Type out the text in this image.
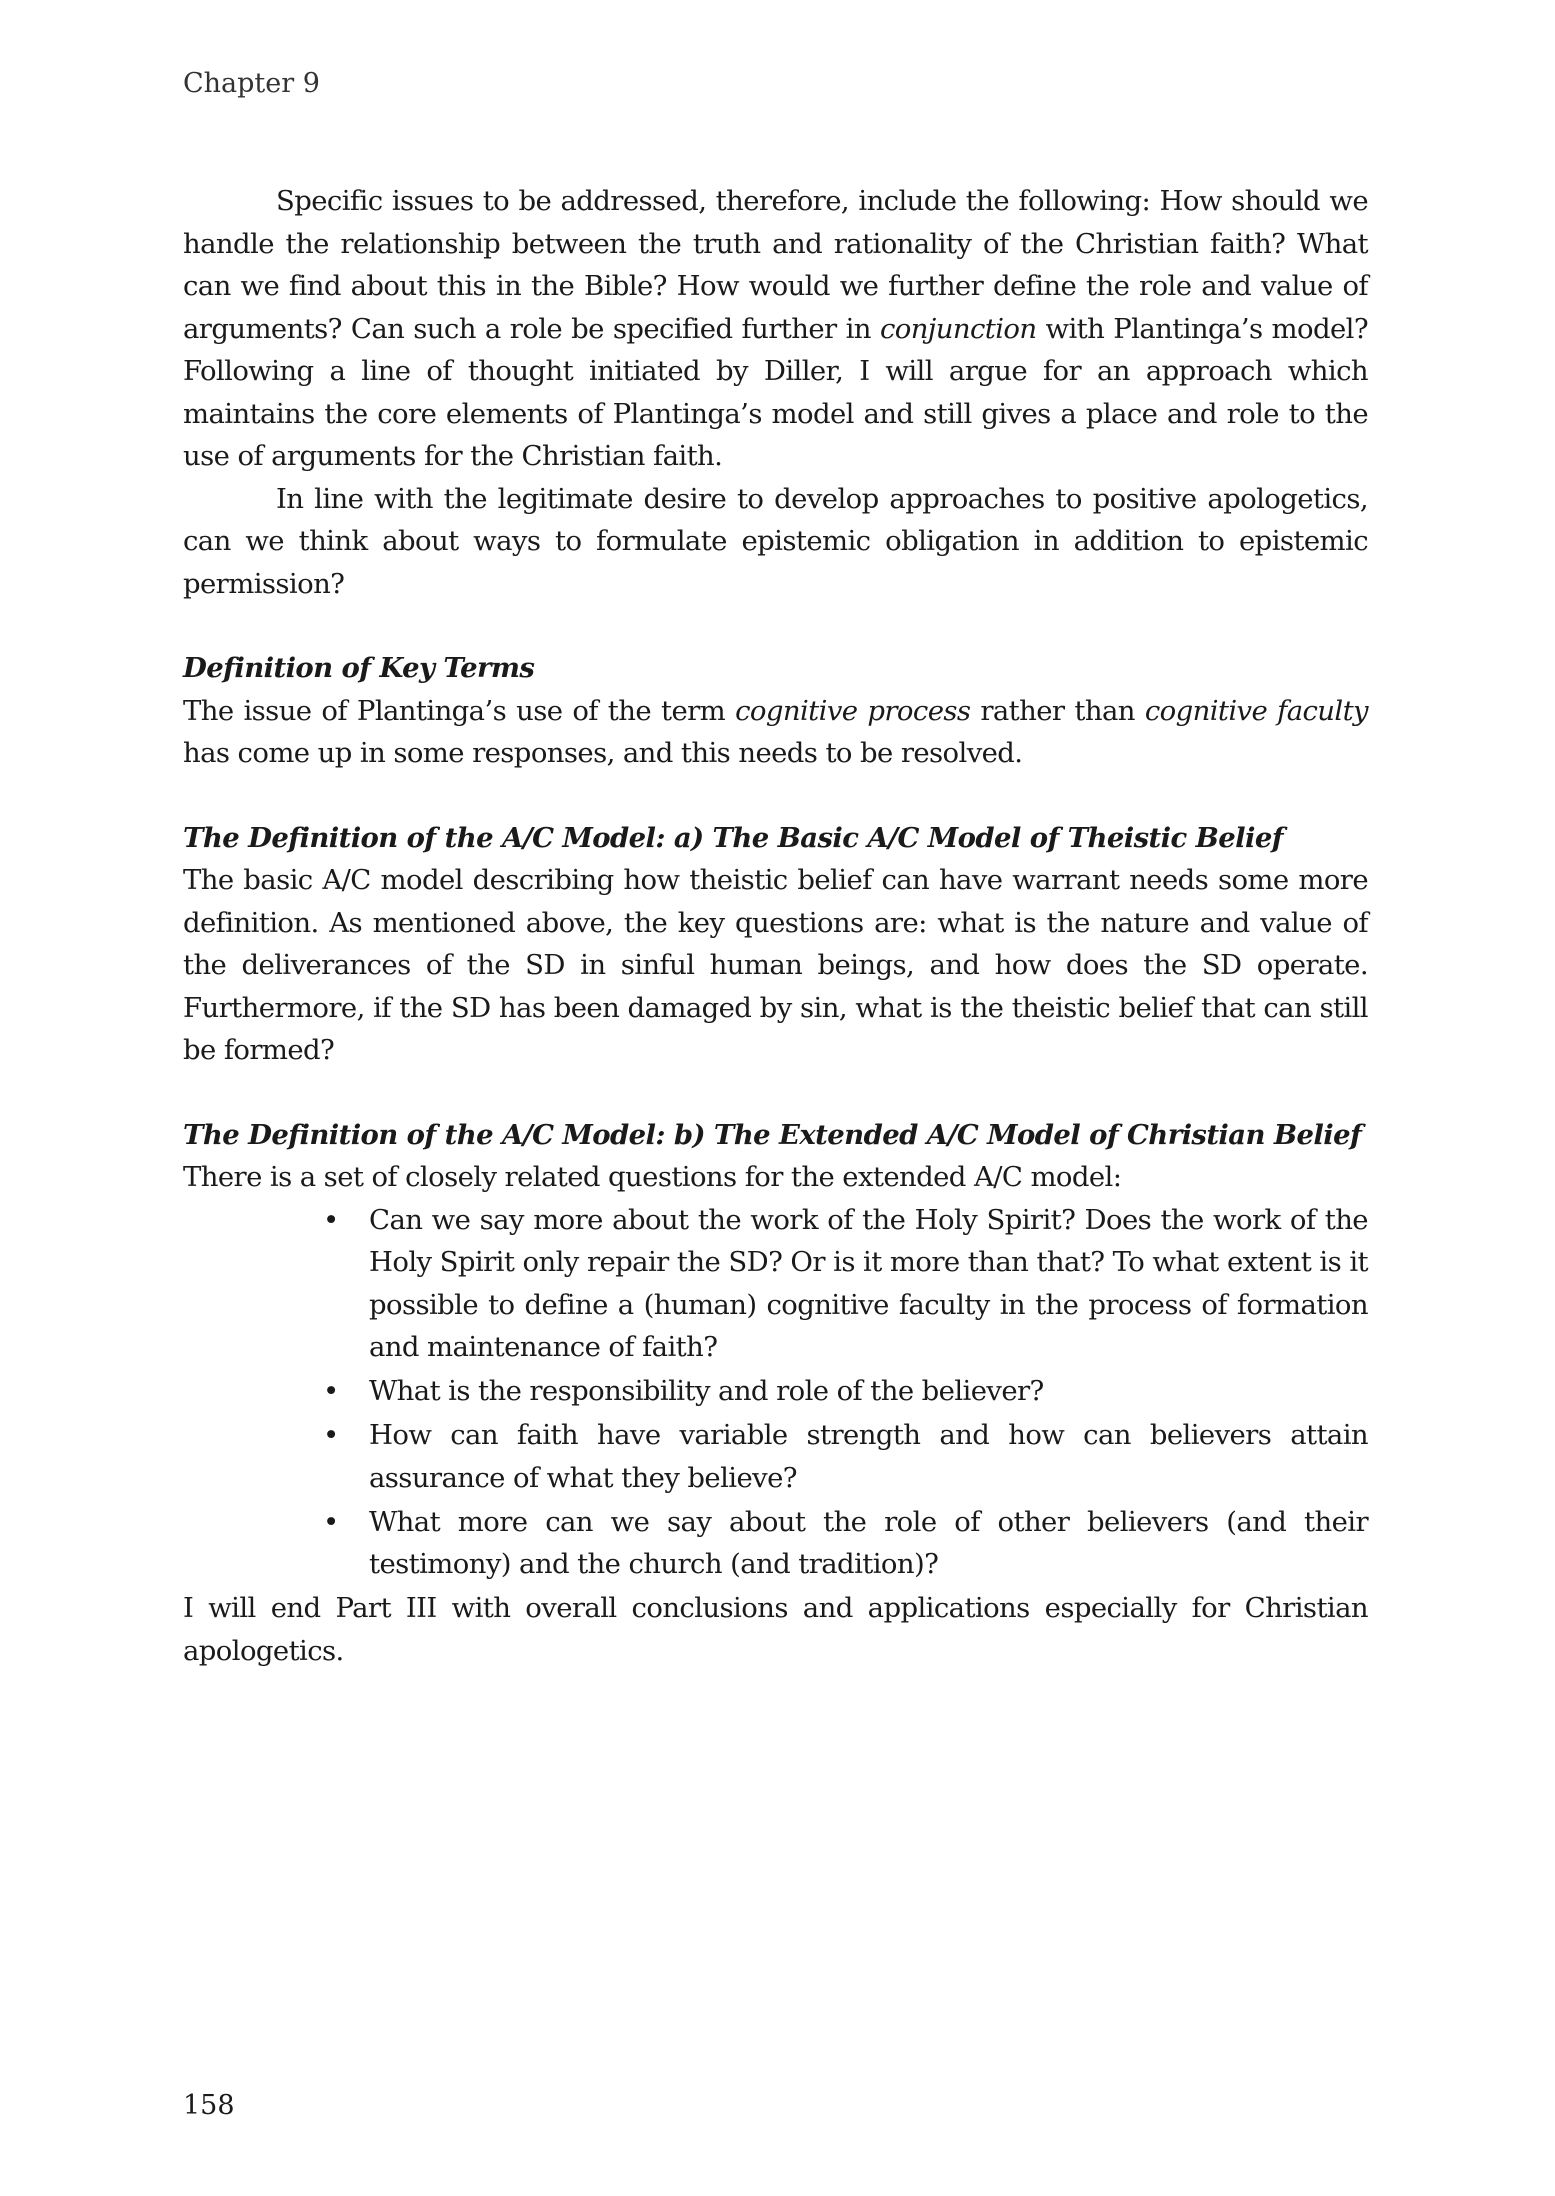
Chapter 9

Specific issues to be addressed, therefore, include the following: How should we handle the relationship between the truth and rationality of the Christian faith? What can we find about this in the Bible? How would we further define the role and value of arguments? Can such a role be specified further in conjunction with Plantinga’s model? Following a line of thought initiated by Diller, I will argue for an approach which maintains the core elements of Plantinga’s model and still gives a place and role to the use of arguments for the Christian faith.

In line with the legitimate desire to develop approaches to positive apologetics, can we think about ways to formulate epistemic obligation in addition to epistemic permission?

Definition of Key Terms

The issue of Plantinga’s use of the term cognitive process rather than cognitive faculty has come up in some responses, and this needs to be resolved.

The Definition of the A/C Model: a) The Basic A/C Model of Theistic Belief

The basic A/C model describing how theistic belief can have warrant needs some more definition. As mentioned above, the key questions are: what is the nature and value of the deliverances of the SD in sinful human beings, and how does the SD operate. Furthermore, if the SD has been damaged by sin, what is the theistic belief that can still be formed?

The Definition of the A/C Model: b) The Extended A/C Model of Christian Belief

There is a set of closely related questions for the extended A/C model:

• Can we say more about the work of the Holy Spirit? Does the work of the Holy Spirit only repair the SD? Or is it more than that? To what extent is it possible to define a (human) cognitive faculty in the process of formation and maintenance of faith?
• What is the responsibility and role of the believer?
• How can faith have variable strength and how can believers attain assurance of what they believe?
• What more can we say about the role of other believers (and their testimony) and the church (and tradition)?

I will end Part III with overall conclusions and applications especially for Christian apologetics.

158
